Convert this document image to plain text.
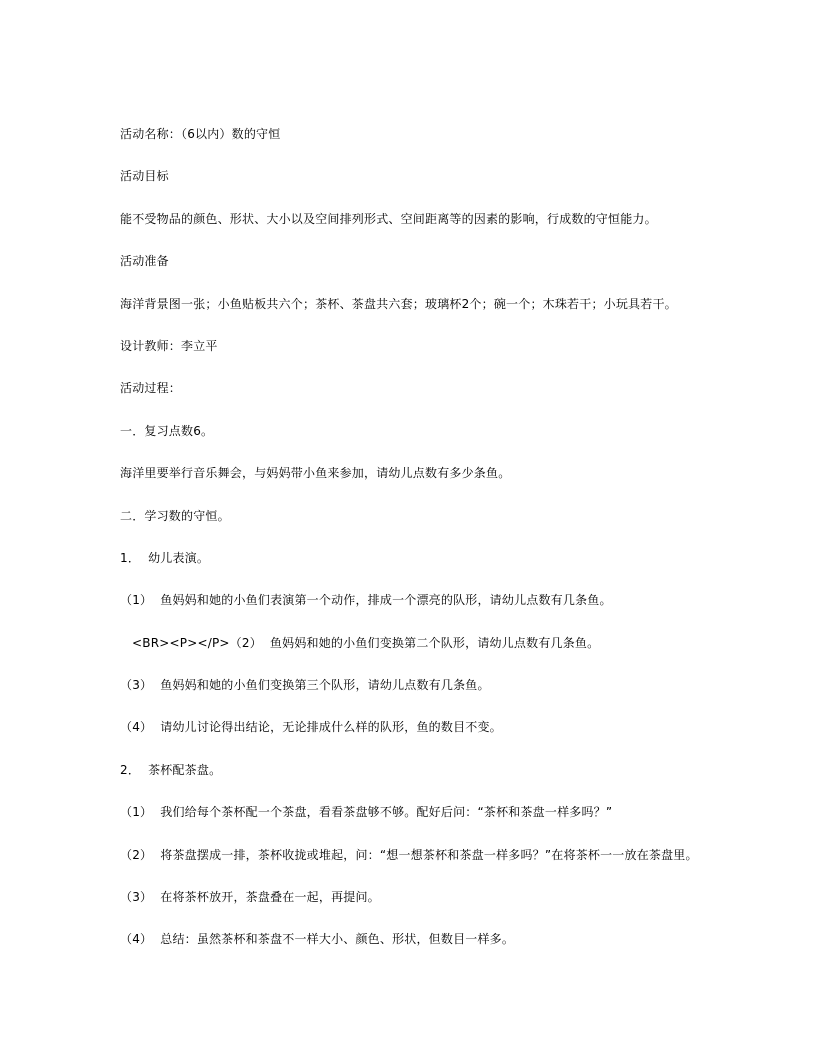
活动名称：（6以内）数的守恒
活动目标
能不受物品的颜色、形状、大小以及空间排列形式、空间距离等的因素的影响，行成数的守恒能力。
活动准备
海洋背景图一张；小鱼贴板共六个；茶杯、茶盘共六套；玻璃杯2个；碗一个；木珠若干；小玩具若干。
设计教师：李立平
活动过程：
一．复习点数6。
海洋里要举行音乐舞会，与妈妈带小鱼来参加，请幼儿点数有多少条鱼。
二．学习数的守恒。
1．  幼儿表演。
（1）  鱼妈妈和她的小鱼们表演第一个动作，排成一个漂亮的队形，请幼儿点数有几条鱼。
<BR><P></P>（2）  鱼妈妈和她的小鱼们变换第二个队形，请幼儿点数有几条鱼。
（3）  鱼妈妈和她的小鱼们变换第三个队形，请幼儿点数有几条鱼。
（4）  请幼儿讨论得出结论，无论排成什么样的队形，鱼的数目不变。
2．  茶杯配茶盘。
（1）  我们给每个茶杯配一个茶盘，看看茶盘够不够。配好后问：“茶杯和茶盘一样多吗？”
（2）  将茶盘摆成一排，茶杯收拢或堆起，问：“想一想茶杯和茶盘一样多吗？”在将茶杯一一放在茶盘里。
（3）  在将茶杯放开，茶盘叠在一起，再提问。
（4）  总结：虽然茶杯和茶盘不一样大小、颜色、形状，但数目一样多。
